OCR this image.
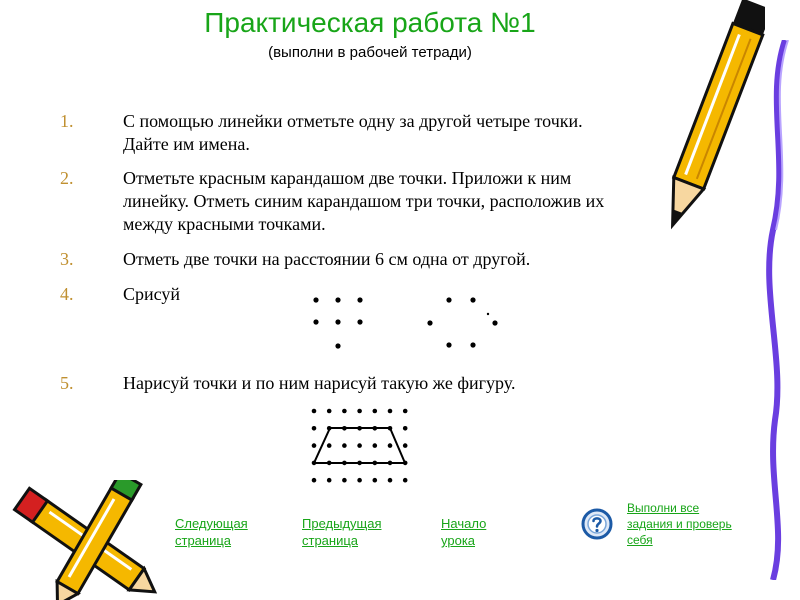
Практическая работа №1
(выполни в рабочей тетради)
1.	С помощью линейки отметьте одну за другой четыре точки.
Дайте им имена.
2.	Отметьте красным карандашом две точки. Приложи к ним
линейку. Отметь синим карандашом три точки, расположив их
между красными точками.
3.	Отметь две точки на расстоянии 6 см одна от другой.
4.	Срисуй
5.	Нарисуй точки и по ним нарисуй такую же фигуру.
Следующая
страница
Предыдущая
страница
Начало
урока
Выполни все
задания и проверь
себя
